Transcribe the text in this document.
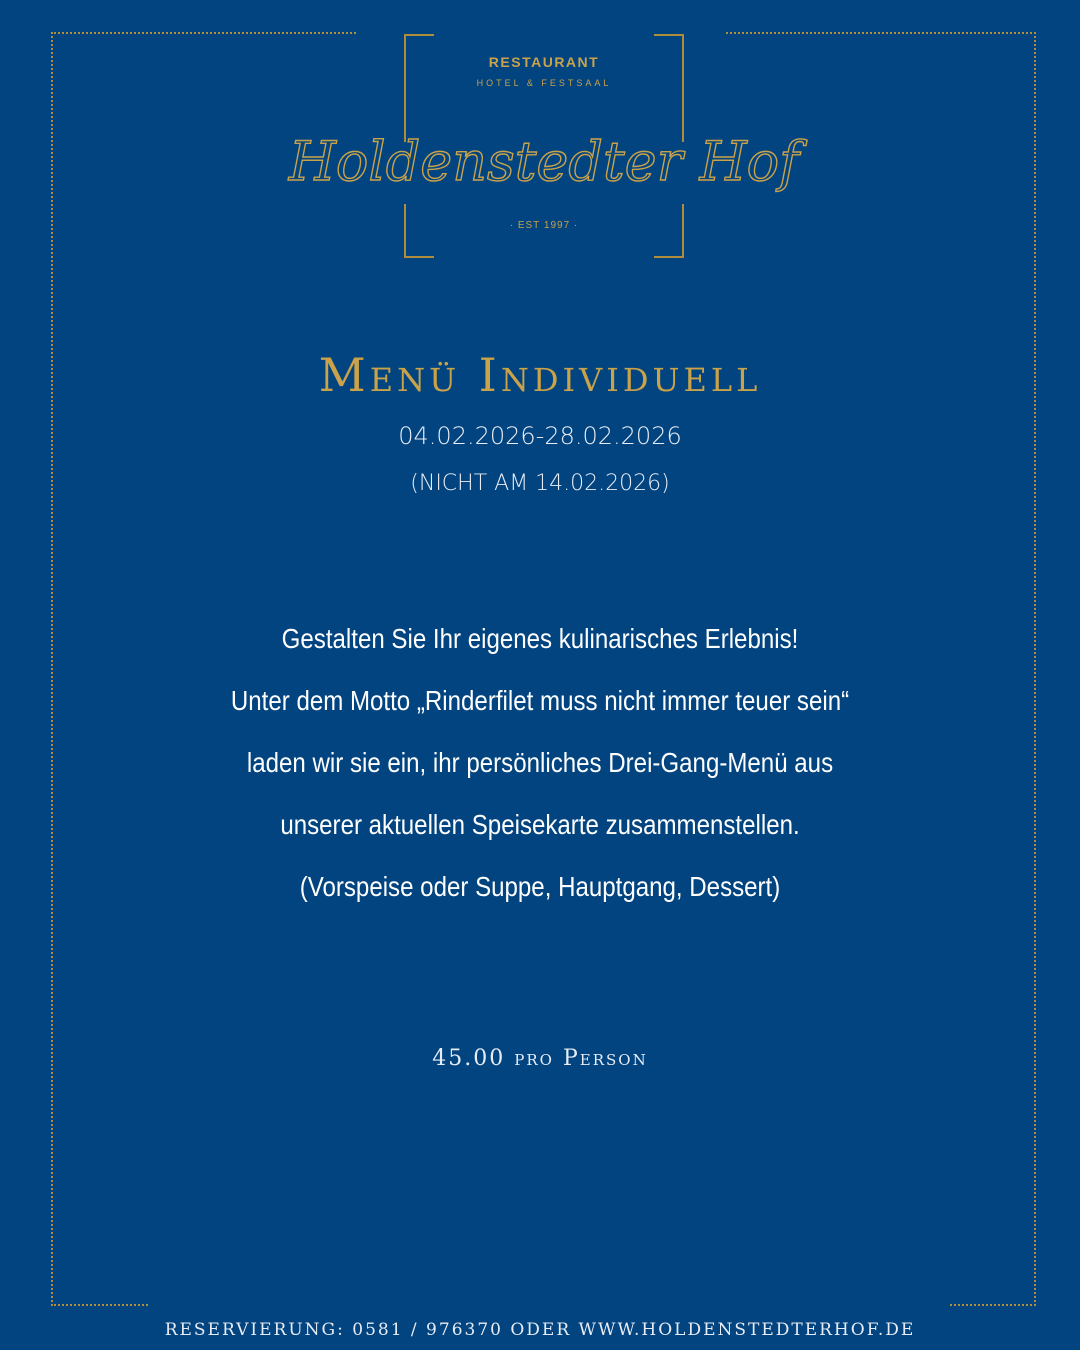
RESTAURANT
HOTEL & FESTSAAL
Holdenstedter Hof
· EST 1997 ·
Menü Individuell
04.02.2026-28.02.2026
(NICHT AM 14.02.2026)
Gestalten Sie Ihr eigenes kulinarisches Erlebnis!
Unter dem Motto „Rinderfilet muss nicht immer teuer sein“
laden wir sie ein, ihr persönliches Drei-Gang-Menü aus
unserer aktuellen Speisekarte zusammenstellen.
(Vorspeise oder Suppe, Hauptgang, Dessert)
45.00 pro Person
RESERVIERUNG: 0581 / 976370 ODER WWW.HOLDENSTEDTERHOF.DE
